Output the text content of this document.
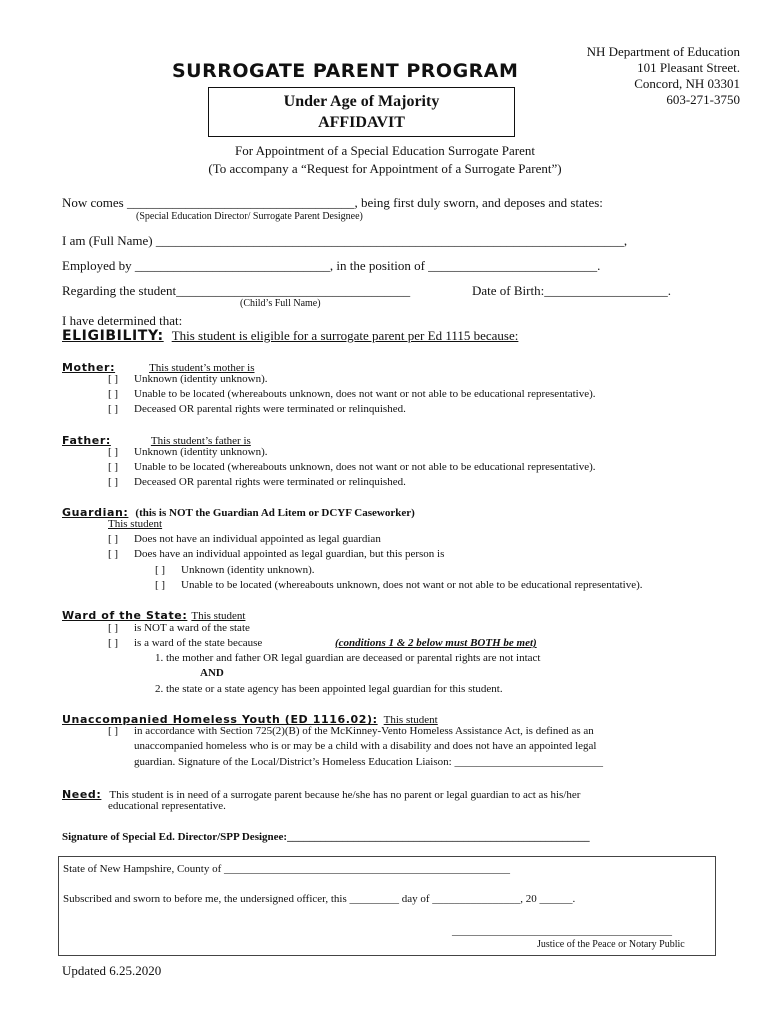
SURROGATE PARENT PROGRAM
Under Age of Majority
AFFIDAVIT
NH Department of Education
101 Pleasant Street.
Concord, NH 03301
603-271-3750
For Appointment of a Special Education Surrogate Parent
(To accompany a “Request for Appointment of a Surrogate Parent”)
Now comes ___________________________________, being first duly sworn, and deposes and states:
(Special Education Director/ Surrogate Parent Designee)
I am (Full Name) ________________________________________________________________________,
Employed by ______________________________, in the position of __________________________.
Regarding the student____________________________________	Date of Birth:___________________.
(Child’s Full Name)
I have determined that:
ELIGIBILITY: This student is eligible for a surrogate parent per Ed 1115 because:
Mother:	This student’s mother is
[ ] Unknown (identity unknown).
[ ] Unable to be located (whereabouts unknown, does not want or not able to be educational representative).
[ ] Deceased OR parental rights were terminated or relinquished.
Father:	This student’s father is
[ ] Unknown (identity unknown).
[ ] Unable to be located (whereabouts unknown, does not want or not able to be educational representative).
[ ] Deceased OR parental rights were terminated or relinquished.
Guardian: (this is NOT the Guardian Ad Litem or DCYF Caseworker)
This student
[ ] Does not have an individual appointed as legal guardian
[ ] Does have an individual appointed as legal guardian, but this person is
[ ] Unknown (identity unknown).
[ ] Unable to be located (whereabouts unknown, does not want or not able to be educational representative).
Ward of the State: This student
[ ] is NOT a ward of the state
[ ] is a ward of the state because	(conditions 1 & 2 below must BOTH be met)
1. the mother and father OR legal guardian are deceased or parental rights are not intact
AND
2. the state or a state agency has been appointed legal guardian for this student.
Unaccompanied Homeless Youth (ED 1116.02): This student
[ ] in accordance with Section 725(2)(B) of the McKinney-Vento Homeless Assistance Act, is defined as an
unaccompanied homeless who is or may be a child with a disability and does not have an appointed legal
guardian. Signature of the Local/District’s Homeless Education Liaison: ___________________________
Need: This student is in need of a surrogate parent because he/she has no parent or legal guardian to act as his/her
educational representative.
Signature of Special Ed. Director/SPP Designee:_______________________________________________________
State of New Hampshire, County of ____________________________________________________
Subscribed and sworn to before me, the undersigned officer, this _________ day of ________________, 20 ______.
________________________________________
Justice of the Peace or Notary Public
Updated 6.25.2020
